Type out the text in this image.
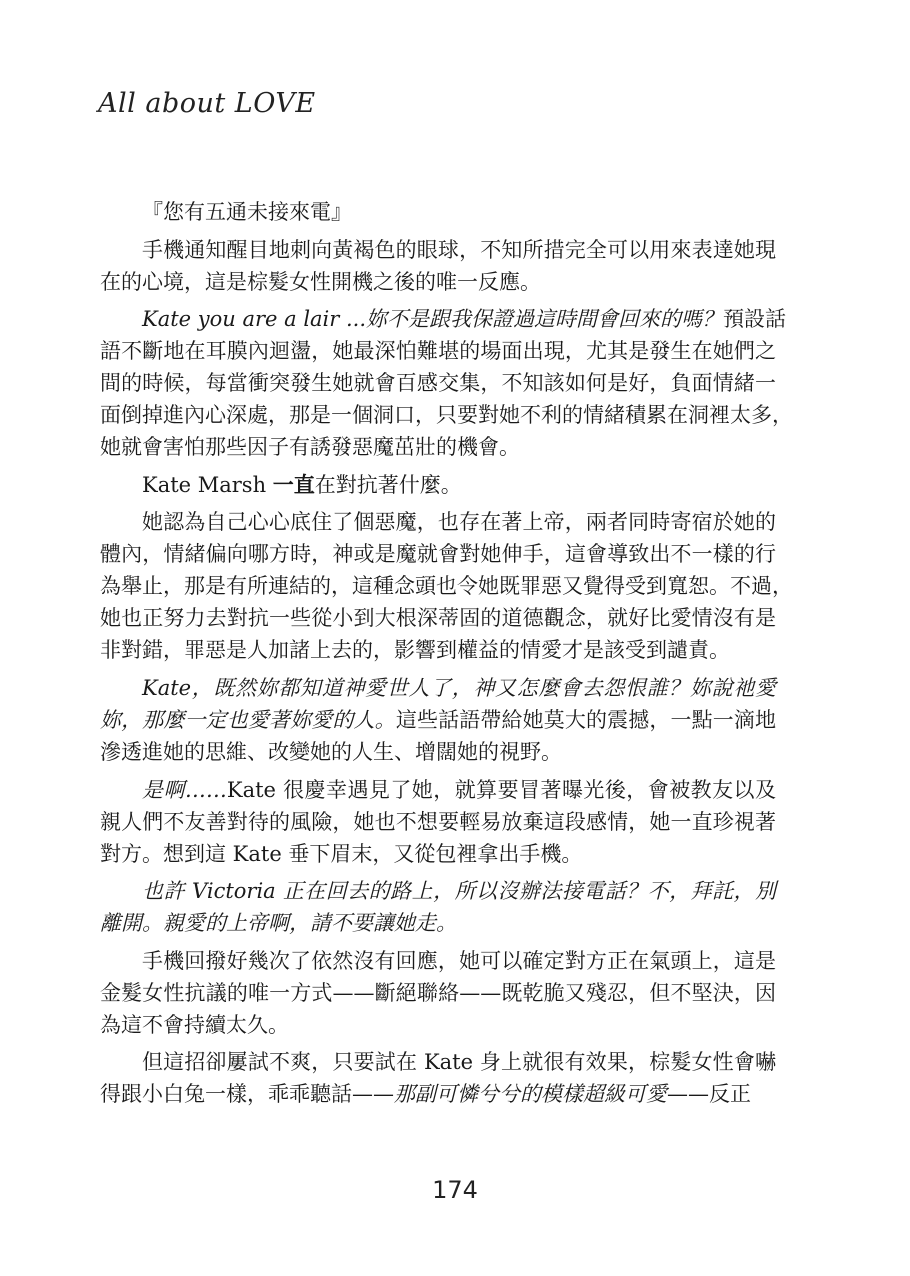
All about LOVE
『您有五通未接來電』
手機通知醒目地刺向黃褐色的眼球，不知所措完全可以用來表達她現
在的心境，這是棕髮女性開機之後的唯一反應。
Kate you are a lair ...妳不是跟我保證過這時間會回來的嗎？預設話
語不斷地在耳膜內迴盪，她最深怕難堪的場面出現，尤其是發生在她們之
間的時候，每當衝突發生她就會百感交集，不知該如何是好，負面情緒一
面倒掉進內心深處，那是一個洞口，只要對她不利的情緒積累在洞裡太多，
她就會害怕那些因子有誘發惡魔茁壯的機會。
Kate Marsh 一直在對抗著什麼。
她認為自己心心底住了個惡魔，也存在著上帝，兩者同時寄宿於她的
體內，情緒偏向哪方時，神或是魔就會對她伸手，這會導致出不一樣的行
為舉止，那是有所連結的，這種念頭也令她既罪惡又覺得受到寬恕。不過，
她也正努力去對抗一些從小到大根深蒂固的道德觀念，就好比愛情沒有是
非對錯，罪惡是人加諸上去的，影響到權益的情愛才是該受到譴責。
Kate，既然妳都知道神愛世人了，神又怎麼會去怨恨誰？妳說祂愛
妳，那麼一定也愛著妳愛的人。這些話語帶給她莫大的震撼，一點一滴地
滲透進她的思維、改變她的人生、增闊她的視野。
是啊……Kate 很慶幸遇見了她，就算要冒著曝光後，會被教友以及
親人們不友善對待的風險，她也不想要輕易放棄這段感情，她一直珍視著
對方。想到這 Kate 垂下眉末，又從包裡拿出手機。
也許 Victoria 正在回去的路上，所以沒辦法接電話？不，拜託，別
離開。親愛的上帝啊，請不要讓她走。
手機回撥好幾次了依然沒有回應，她可以確定對方正在氣頭上，這是
金髮女性抗議的唯一方式——斷絕聯絡——既乾脆又殘忍，但不堅決，因
為這不會持續太久。
但這招卻屢試不爽，只要試在 Kate 身上就很有效果，棕髮女性會嚇
得跟小白兔一樣，乖乖聽話——那副可憐兮兮的模樣超級可愛——反正
174
